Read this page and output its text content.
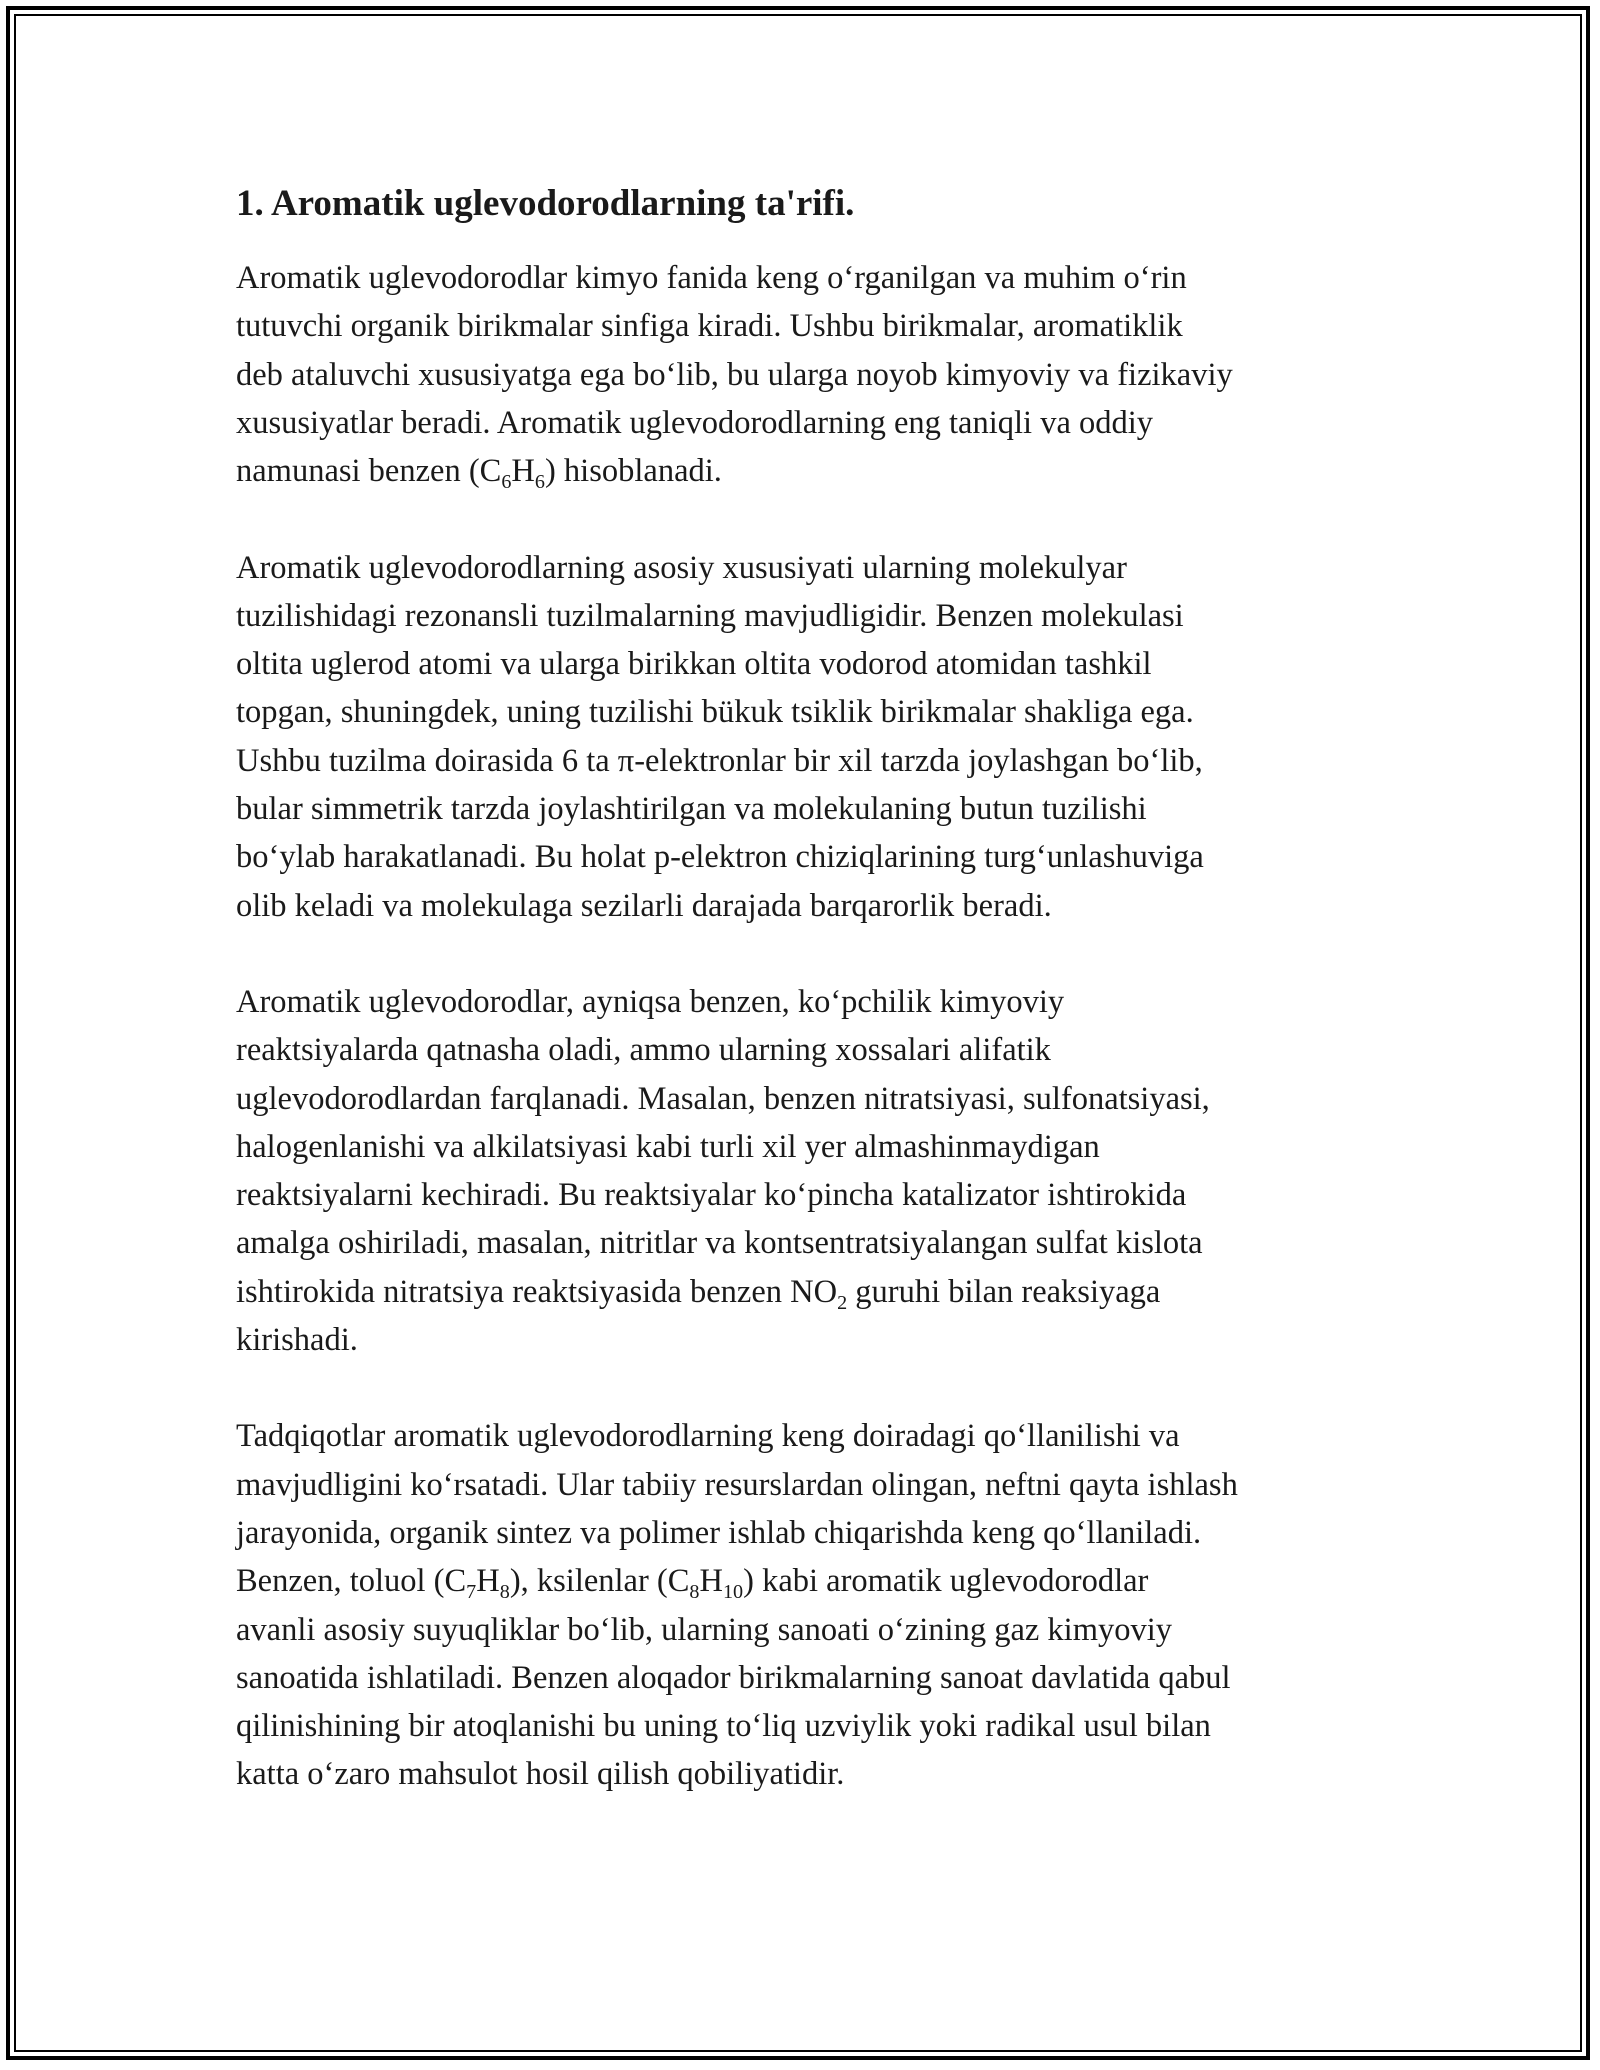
1. Aromatik uglevodorodlarning ta'rifi.

Aromatik uglevodorodlar kimyo fanida keng o‘rganilgan va muhim o‘rin
tutuvchi organik birikmalar sinfiga kiradi. Ushbu birikmalar, aromatiklik
deb ataluvchi xususiyatga ega bo‘lib, bu ularga noyob kimyoviy va fizikaviy
xususiyatlar beradi. Aromatik uglevodorodlarning eng taniqli va oddiy
namunasi benzen $(C_6H_6)$ hisoblanadi.

Aromatik uglevodorodlarning asosiy xususiyati ularning molekulyar
tuzilishidagi rezonansli tuzilmalarning mavjudligidir. Benzen molekulasi
oltita uglerod atomi va ularga birikkan oltita vodorod atomidan tashkil
topgan, shuningdek, uning tuzilishi bükuk tsiklik birikmalar shakliga ega.
Ushbu tuzilma doirasida 6 ta π-elektronlar bir xil tarzda joylashgan bo‘lib,
bular simmetrik tarzda joylashtirilgan va molekulaning butun tuzilishi
bo‘ylab harakatlanadi. Bu holat p-elektron chiziqlarining turg‘unlashuviga
olib keladi va molekulaga sezilarli darajada barqarorlik beradi.

Aromatik uglevodorodlar, ayniqsa benzen, ko‘pchilik kimyoviy
reaktsiyalarda qatnasha oladi, ammo ularning xossalari alifatik
uglevodorodlardan farqlanadi. Masalan, benzen nitratsiyasi, sulfonatsiyasi,
halogenlanishi va alkilatsiyasi kabi turli xil yer almashinmaydigan
reaktsiyalarni kechiradi. Bu reaktsiyalar ko‘pincha katalizator ishtirokida
amalga oshiriladi, masalan, nitritlar va kontsentratsiyalangan sulfat kislota
ishtirokida nitratsiya reaktsiyasida benzen $NO_2$ guruhi bilan reaksiyaga
kirishadi.

Tadqiqotlar aromatik uglevodorodlarning keng doiradagi qo‘llanilishi va
mavjudligini ko‘rsatadi. Ular tabiiy resurslardan olingan, neftni qayta ishlash
jarayonida, organik sintez va polimer ishlab chiqarishda keng qo‘llaniladi.
Benzen, toluol $(C_7H_8)$, ksilenlar $(C_8H_{10})$ kabi aromatik uglevodorodlar
avanli asosiy suyuqliklar bo‘lib, ularning sanoati o‘zining gaz kimyoviy
sanoatida ishlatiladi. Benzen aloqador birikmalarning sanoat davlatida qabul
qilinishining bir atoqlanishi bu uning to‘liq uzviylik yoki radikal usul bilan
katta o‘zaro mahsulot hosil qilish qobiliyatidir.
